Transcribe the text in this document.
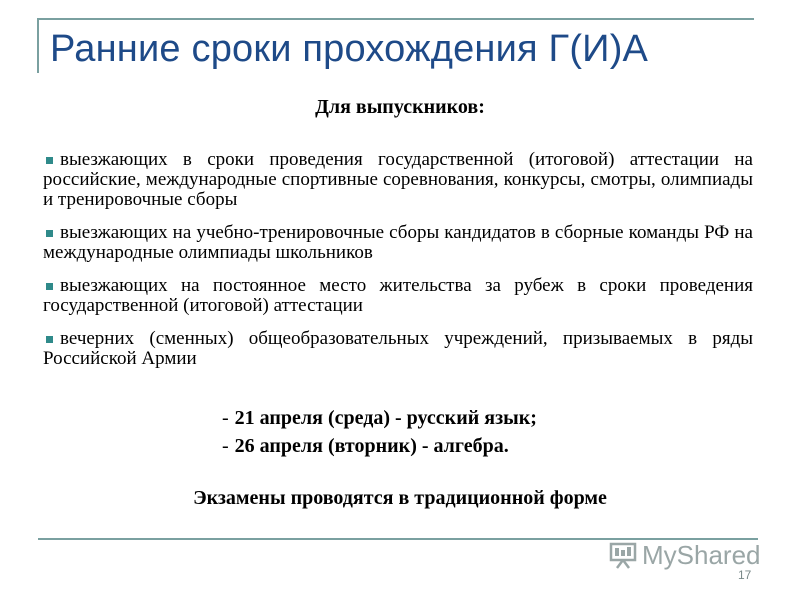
Ранние сроки прохождения Г(И)А
Для выпускников:
выезжающих в сроки проведения государственной (итоговой) аттестации на российские, международные спортивные соревнования, конкурсы, смотры, олимпиады и тренировочные сборы
выезжающих на учебно-тренировочные сборы кандидатов в сборные команды РФ на международные олимпиады школьников
выезжающих на постоянное место жительства за рубеж в сроки проведения государственной (итоговой) аттестации
вечерних (сменных) общеобразовательных учреждений, призываемых в ряды Российской Армии
- 21 апреля (среда) - русский язык;
- 26 апреля (вторник) - алгебра.
Экзамены проводятся в традиционной форме
MyShared
17
